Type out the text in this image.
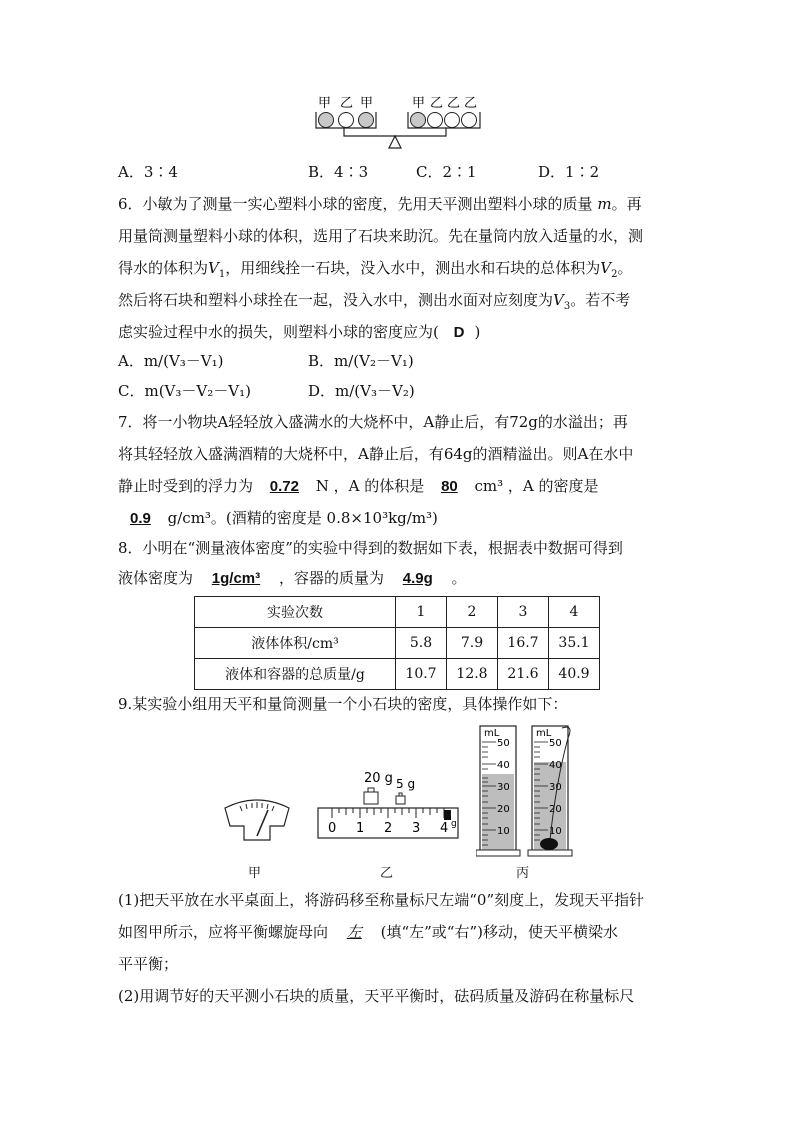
甲 乙 甲	甲 乙 乙 乙
A．3∶4	B．4∶3	C．2∶1	D．1∶2
6．小敏为了测量一实心塑料小球的密度，先用天平测出塑料小球的质量 m。再
用量筒测量塑料小球的体积，选用了石块来助沉。先在量筒内放入适量的水，测
得水的体积为$V_1$，用细线拴一石块，没入水中，测出水和石块的总体积为$V_2$。
然后将石块和塑料小球拴在一起，没入水中，测出水面对应刻度为$V_3$。若不考
虑实验过程中水的损失，则塑料小球的密度应为( D )
A．m/(V₃－V₁)	B．m/(V₂－V₁)
C．m(V₃－V₂－V₁)	D．m/(V₃－V₂)
7．将一小物块A轻轻放入盛满水的大烧杯中，A静止后，有72g的水溢出；再
将其轻轻放入盛满酒精的大烧杯中，A静止后，有64g的酒精溢出。则A在水中
静止时受到的浮力为 0.72 N ，A 的体积是 80 cm³ ，A 的密度是
0.9 g/cm³。(酒精的密度是 0.8×10³kg/m³)
8．小明在“测量液体密度”的实验中得到的数据如下表，根据表中数据可得到
液体密度为 1g/cm³ ，容器的质量为 4.9g 。
实验次数	1	2	3	4
液体体积/cm³	5.8	7.9	16.7	35.1
液体和容器的总质量/g	10.7	12.8	21.6	40.9
9.某实验小组用天平和量筒测量一个小石块的密度，具体操作如下：
甲
20 g 5 g
0 1 2 3 4 g
乙
mL
50
40
30
20
10
mL
50
40
30
20
10
丙
(1)把天平放在水平桌面上，将游码移至称量标尺左端“0”刻度上，发现天平指针
如图甲所示，应将平衡螺旋母向 左 (填“左”或“右”)移动，使天平横梁水
平平衡；
(2)用调节好的天平测小石块的质量，天平平衡时，砝码质量及游码在称量标尺
